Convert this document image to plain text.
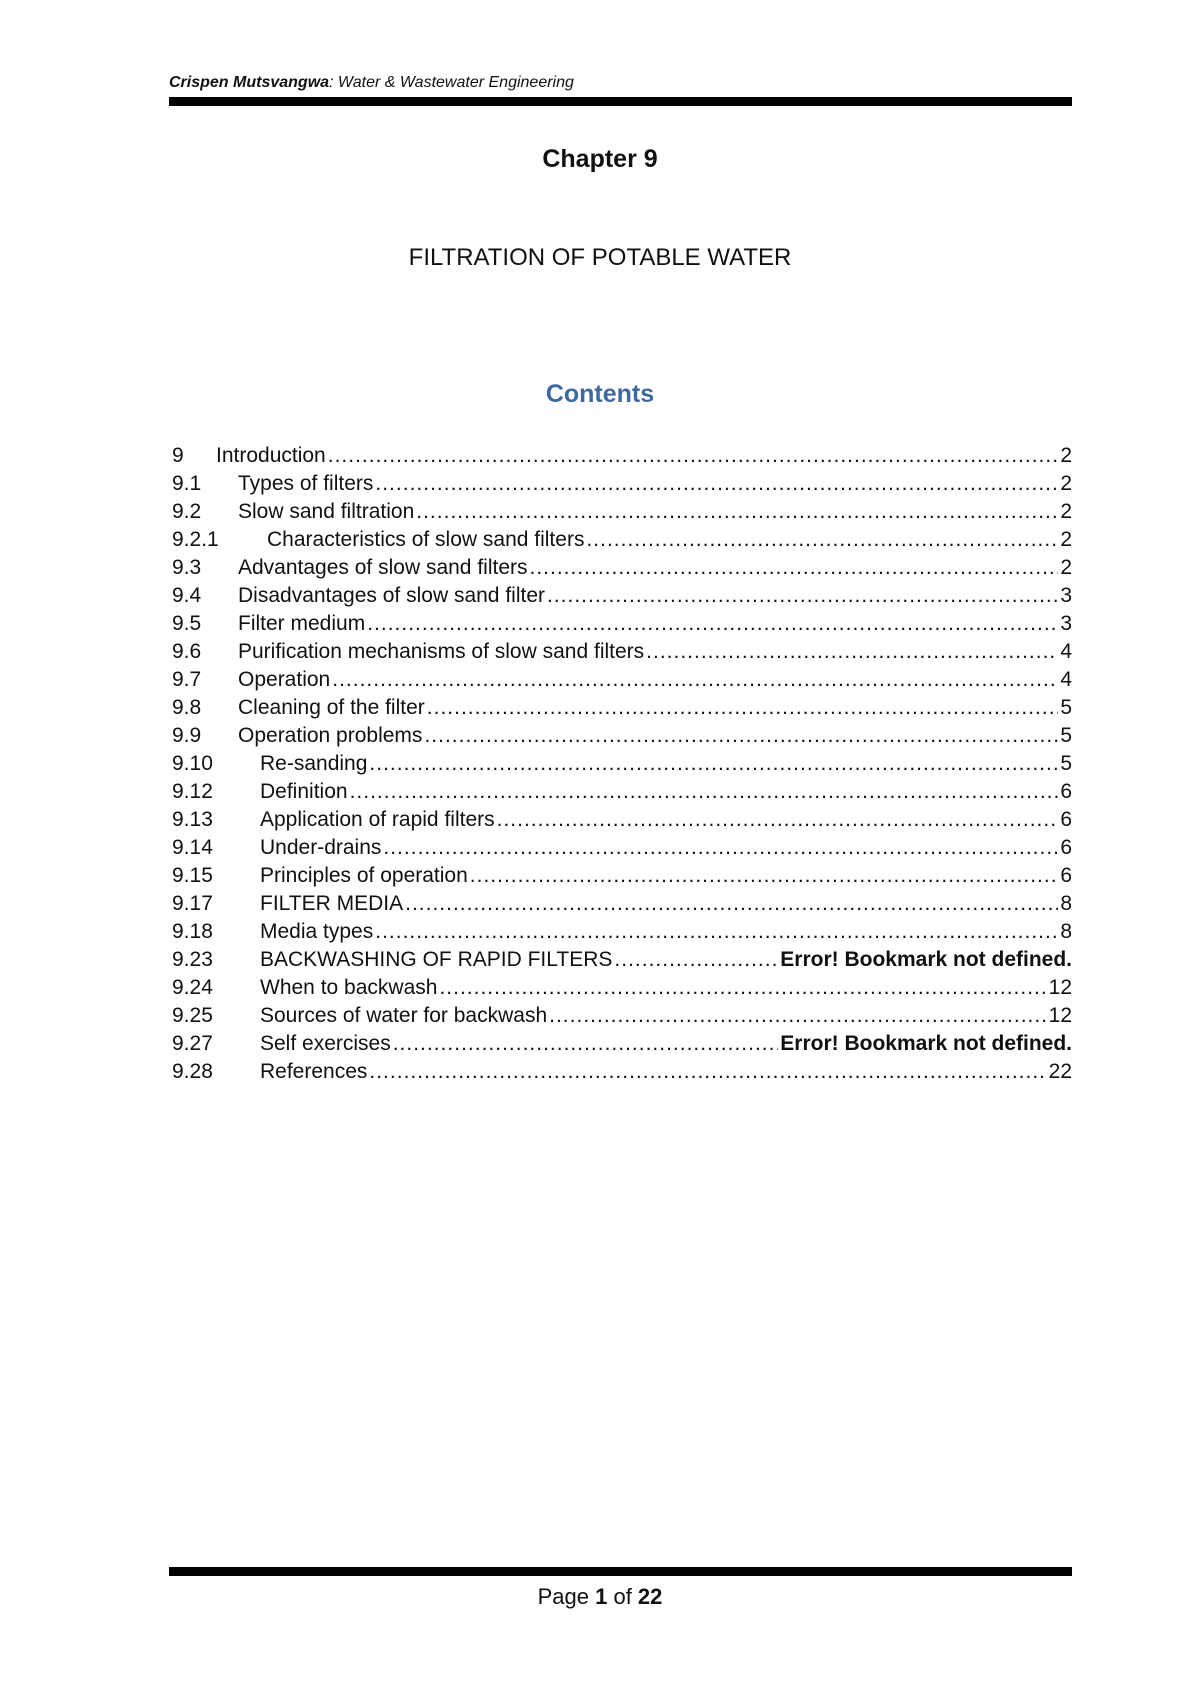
Crispen Mutsvangwa: Water & Wastewater Engineering
Chapter 9
FILTRATION OF POTABLE WATER
Contents
9	Introduction .....	2
9.1	Types of filters .....	2
9.2	Slow sand filtration .....	2
9.2.1	Characteristics of slow sand filters .....	2
9.3	Advantages of slow sand filters .....	2
9.4	Disadvantages of slow sand filter .....	3
9.5	Filter medium .....	3
9.6	Purification mechanisms of slow sand filters .....	4
9.7	Operation .....	4
9.8	Cleaning of the filter .....	5
9.9	Operation problems .....	5
9.10	Re-sanding .....	5
9.12	Definition .....	6
9.13	Application of rapid filters .....	6
9.14	Under-drains .....	6
9.15	Principles of operation .....	6
9.17	FILTER MEDIA .....	8
9.18	Media types .....	8
9.23	BACKWASHING OF RAPID FILTERS .....	Error! Bookmark not defined.
9.24	When to backwash .....	12
9.25	Sources of water for backwash .....	12
9.27	Self exercises .....	Error! Bookmark not defined.
9.28	References .....	22
Page 1 of 22
